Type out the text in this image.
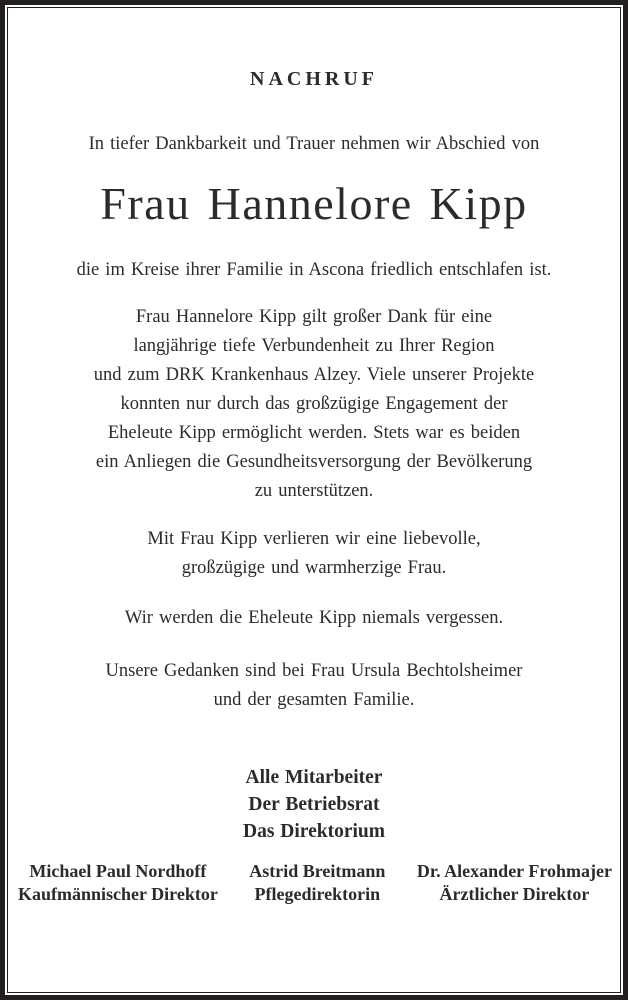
NACHRUF
In tiefer Dankbarkeit und Trauer nehmen wir Abschied von
Frau Hannelore Kipp
die im Kreise ihrer Familie in Ascona friedlich entschlafen ist.
Frau Hannelore Kipp gilt großer Dank für eine
langjährige tiefe Verbundenheit zu Ihrer Region
und zum DRK Krankenhaus Alzey. Viele unserer Projekte
konnten nur durch das großzügige Engagement der
Eheleute Kipp ermöglicht werden. Stets war es beiden
ein Anliegen die Gesundheitsversorgung der Bevölkerung
zu unterstützen.
Mit Frau Kipp verlieren wir eine liebevolle,
großzügige und warmherzige Frau.
Wir werden die Eheleute Kipp niemals vergessen.
Unsere Gedanken sind bei Frau Ursula Bechtolsheimer
und der gesamten Familie.
Alle Mitarbeiter
Der Betriebsrat
Das Direktorium
Michael Paul Nordhoff
Kaufmännischer Direktor
Astrid Breitmann
Pflegedirektorin
Dr. Alexander Frohmajer
Ärztlicher Direktor
